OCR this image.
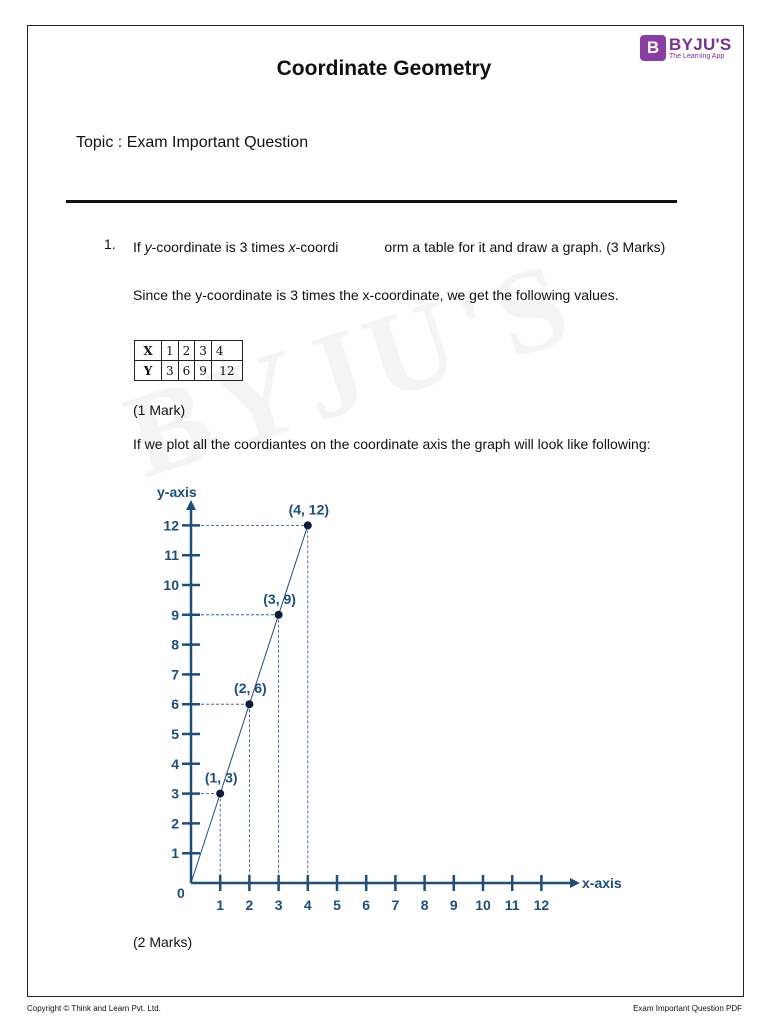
B BYJU'S
The Learning App
Coordinate Geometry
Topic : Exam Important Question
1. If y-coordinate is 3 times x-coordi	orm a table for it and draw a graph. (3 Marks)
Since the y-coordinate is 3 times the x-coordinate, we get the following values.
X	1	2	3	4
Y	3	6	9	12
(1 Mark)
If we plot all the coordiantes on the coordinate axis the graph will look like following:
x-axis
y-axis
0
1 2 3 4 5 6 7 8 9 10 11 12
1
2
3
4
5
6
7
8
9
10
11
12
(1, 3)
(2, 6)
(3, 9)
(4, 12)
(2 Marks)
Copyright © Think and Learn Pvt. Ltd.	Exam Important Question PDF
